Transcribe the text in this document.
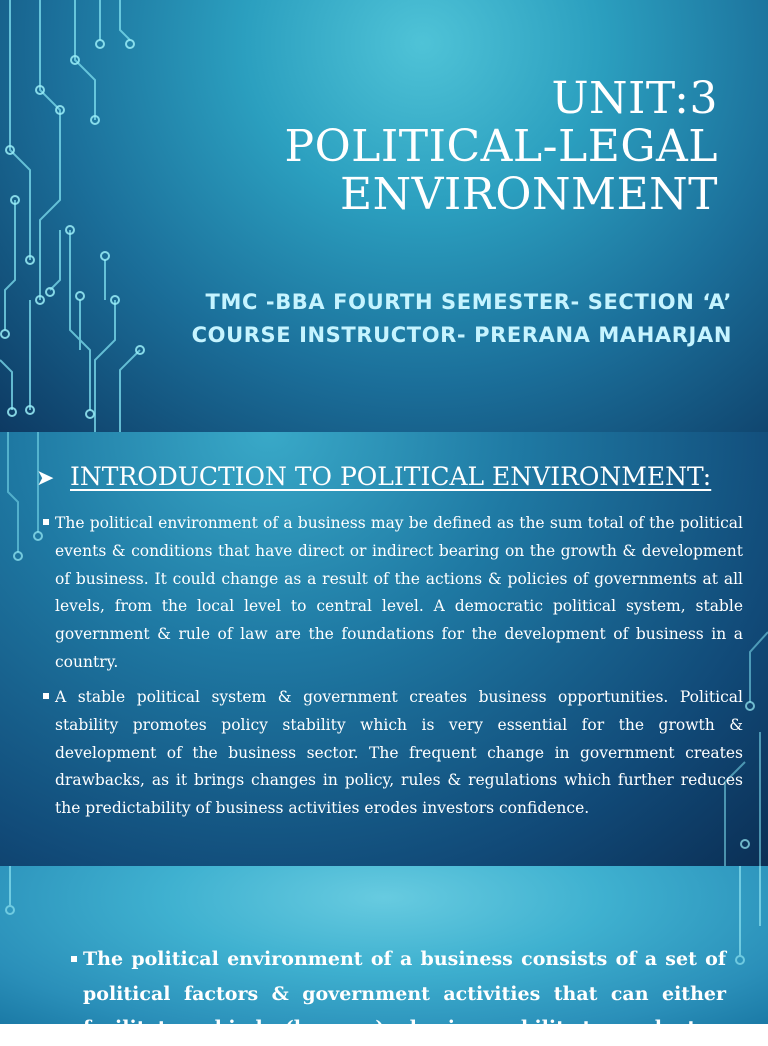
UNIT:3
POLITICAL-LEGAL
ENVIRONMENT
TMC -BBA FOURTH SEMESTER- SECTION ‘A’
COURSE INSTRUCTOR- PRERANA MAHARJAN
➤ INTRODUCTION TO POLITICAL ENVIRONMENT:
The political environment of a business may be defined as the sum total of the political events & conditions that have direct or indirect bearing on the growth & development of business. It could change as a result of the actions & policies of governments at all levels, from the local level to central level. A democratic political system, stable government & rule of law are the foundations for the development of business in a country.
A stable political system & government creates business opportunities. Political stability promotes policy stability which is very essential for the growth & development of the business sector. The frequent change in government creates drawbacks, as it brings changes in policy, rules & regulations which further reduces the predictability of business activities erodes investors confidence.
The political environment of a business consists of a set of political factors & government activities that can either facilitate or hinder(hamper) a business ability to conduct
